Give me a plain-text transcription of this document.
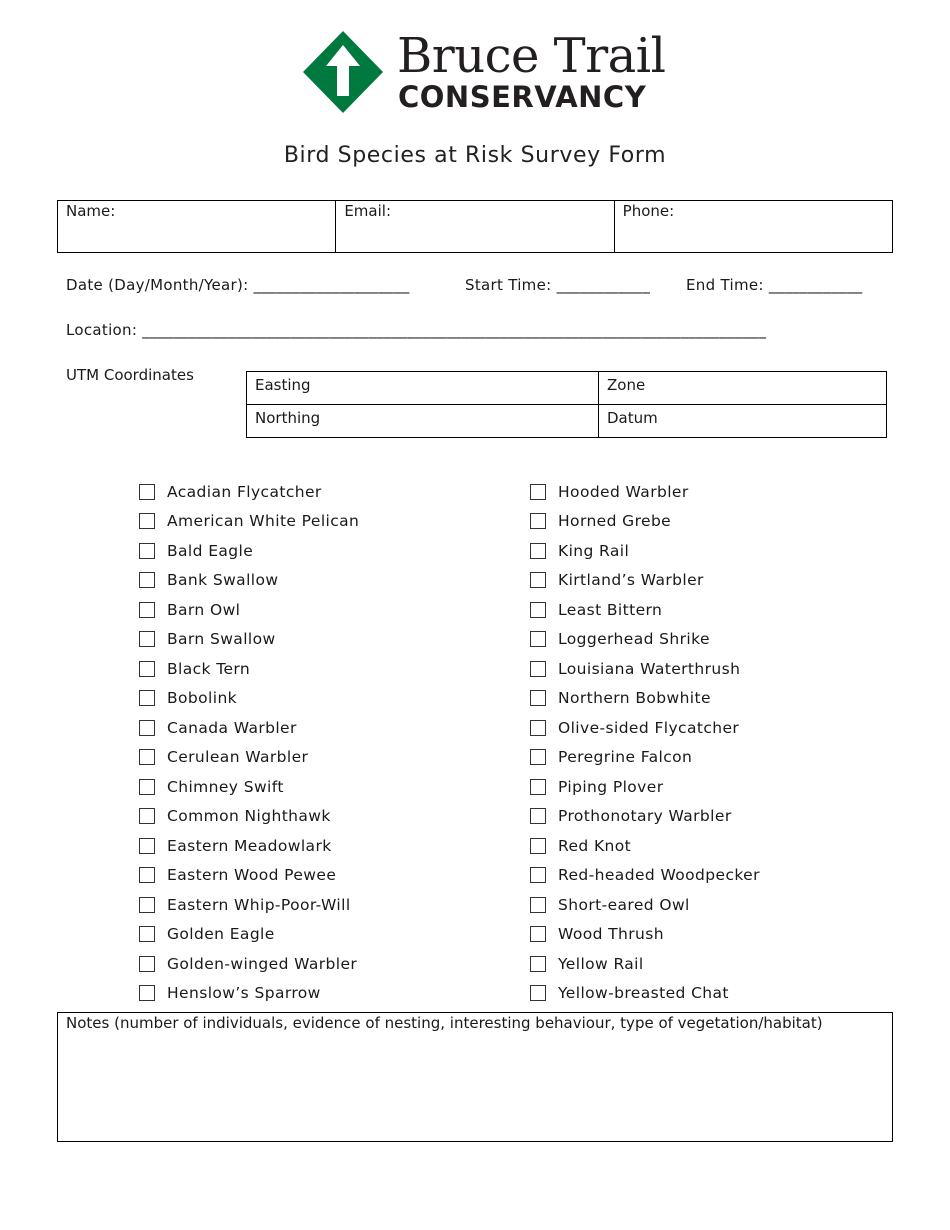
Bruce Trail
CONSERVANCY
Bird Species at Risk Survey Form
Name:	Email:	Phone:
Date (Day/Month/Year): ____________________	Start Time: ____________ End Time: ____________
Location: ________________________________________________________________________________
UTM Coordinates
Easting	Zone
Northing	Datum
Acadian Flycatcher
American White Pelican
Bald Eagle
Bank Swallow
Barn Owl
Barn Swallow
Black Tern
Bobolink
Canada Warbler
Cerulean Warbler
Chimney Swift
Common Nighthawk
Eastern Meadowlark
Eastern Wood Pewee
Eastern Whip-Poor-Will
Golden Eagle
Golden-winged Warbler
Henslow’s Sparrow
Hooded Warbler
Horned Grebe
King Rail
Kirtland’s Warbler
Least Bittern
Loggerhead Shrike
Louisiana Waterthrush
Northern Bobwhite
Olive-sided Flycatcher
Peregrine Falcon
Piping Plover
Prothonotary Warbler
Red Knot
Red-headed Woodpecker
Short-eared Owl
Wood Thrush
Yellow Rail
Yellow-breasted Chat
Notes (number of individuals, evidence of nesting, interesting behaviour, type of vegetation/habitat)
